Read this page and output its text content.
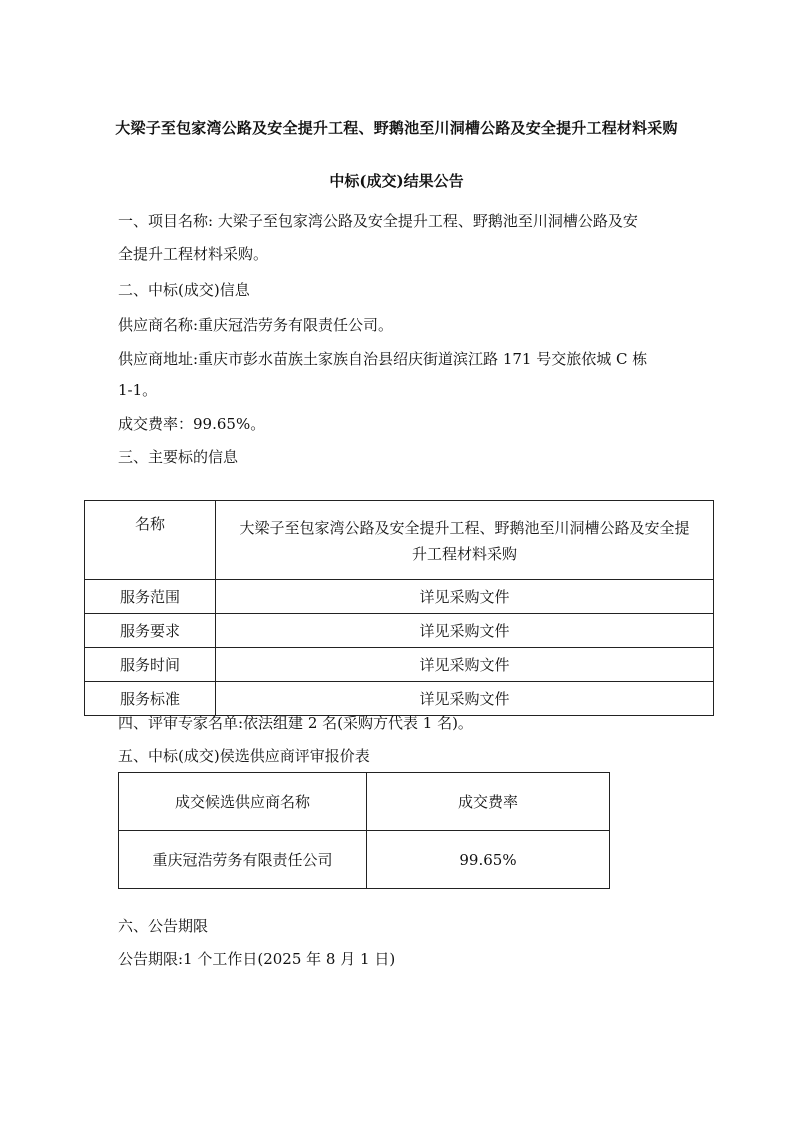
大梁子至包家湾公路及安全提升工程、野鹅池至川洞槽公路及安全提升工程材料采购
中标(成交)结果公告
一、项目名称: 大梁子至包家湾公路及安全提升工程、野鹅池至川洞槽公路及安
全提升工程材料采购。
二、中标(成交)信息
供应商名称:重庆冠浩劳务有限责任公司。
供应商地址:重庆市彭水苗族土家族自治县绍庆街道滨江路 171 号交旅依城 C 栋
1-1。
成交费率：99.65%。
三、主要标的信息
名称	大梁子至包家湾公路及安全提升工程、野鹅池至川洞槽公路及安全提
升工程材料采购

服务范围	详见采购文件
服务要求	详见采购文件
服务时间	详见采购文件
服务标准	详见采购文件
四、评审专家名单:依法组建 2 名(采购方代表 1 名)。
五、中标(成交)侯选供应商评审报价表
成交候选供应商名称	成交费率
重庆冠浩劳务有限责任公司	99.65%
六、公告期限
公告期限:1 个工作日(2025 年 8 月 1 日)
